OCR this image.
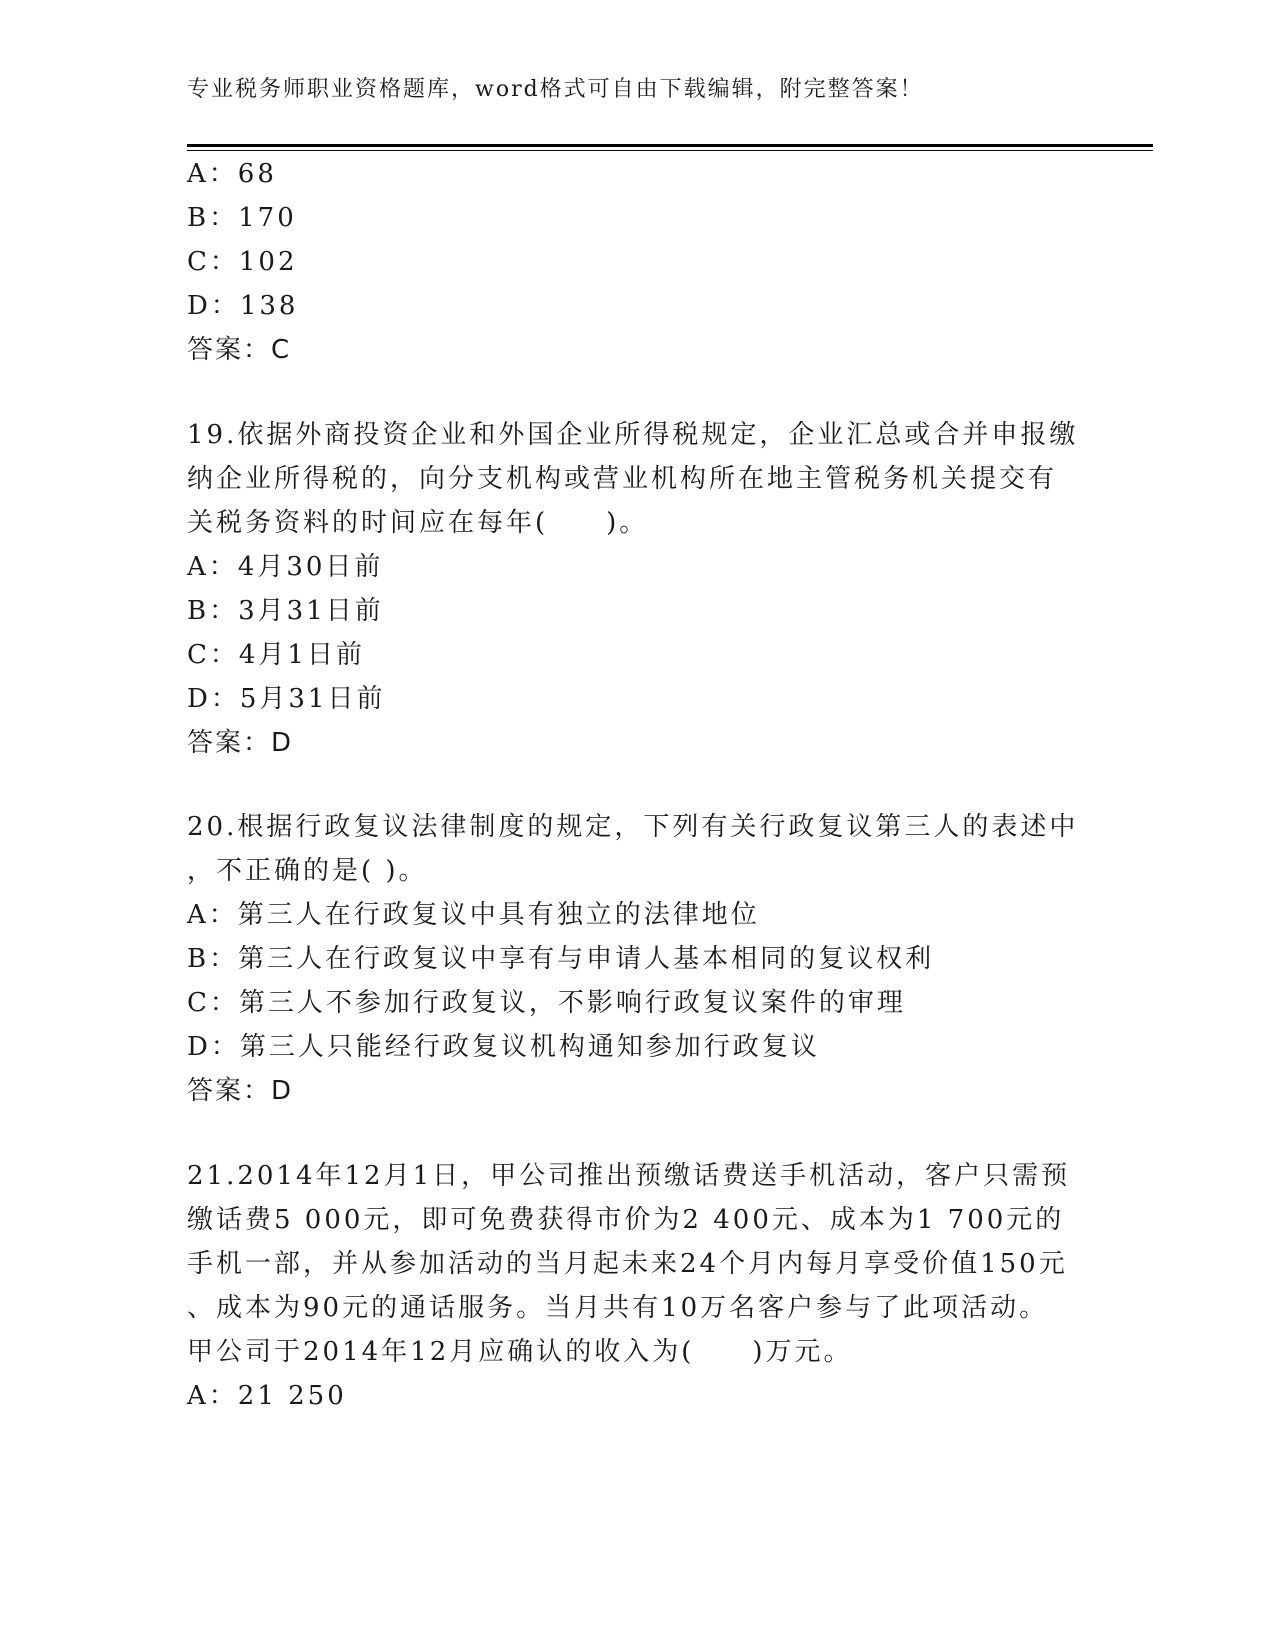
专业税务师职业资格题库，word格式可自由下载编辑，附完整答案！
A：68
B：170
C：102
D：138
答案：C
19.依据外商投资企业和外国企业所得税规定，企业汇总或合并申报缴
纳企业所得税的，向分支机构或营业机构所在地主管税务机关提交有
关税务资料的时间应在每年(　　)。
A：4月30日前
B：3月31日前
C：4月1日前
D：5月31日前
答案：D
20.根据行政复议法律制度的规定，下列有关行政复议第三人的表述中
，不正确的是( )。
A：第三人在行政复议中具有独立的法律地位
B：第三人在行政复议中享有与申请人基本相同的复议权利
C：第三人不参加行政复议，不影响行政复议案件的审理
D：第三人只能经行政复议机构通知参加行政复议
答案：D
21.2014年12月1日，甲公司推出预缴话费送手机活动，客户只需预
缴话费5 000元，即可免费获得市价为2 400元、成本为1 700元的
手机一部，并从参加活动的当月起未来24个月内每月享受价值150元
、成本为90元的通话服务。当月共有10万名客户参与了此项活动。
甲公司于2014年12月应确认的收入为(　　)万元。
A：21 250
